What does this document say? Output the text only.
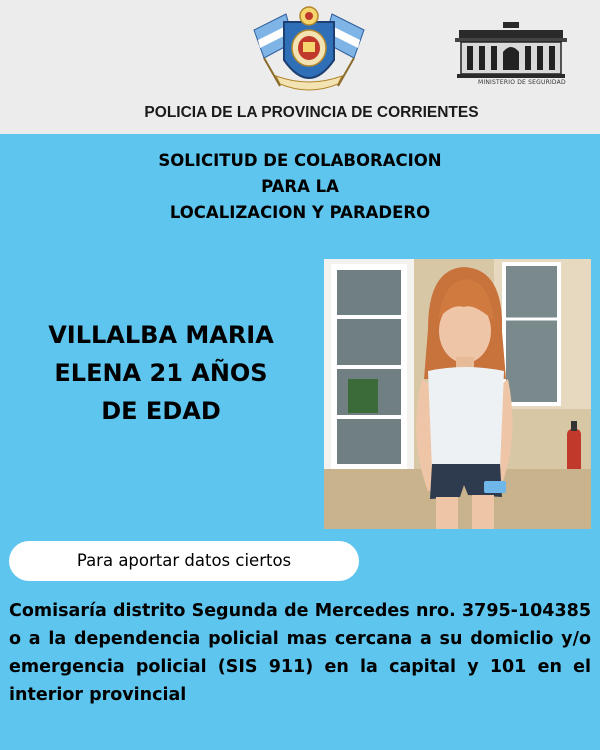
MINISTERIO DE SEGURIDAD
POLICIA DE LA PROVINCIA DE CORRIENTES
SOLICITUD DE COLABORACION
PARA LA
LOCALIZACION Y PARADERO
VILLALBA MARIA
ELENA 21 AÑOS
DE EDAD
Para aportar datos ciertos
Comisaría distrito Segunda de Mercedes nro. 3795-104385 o a la dependencia policial mas cercana a su domiclio y/o emergencia policial (SIS 911) en la capital y 101 en el interior provincial
